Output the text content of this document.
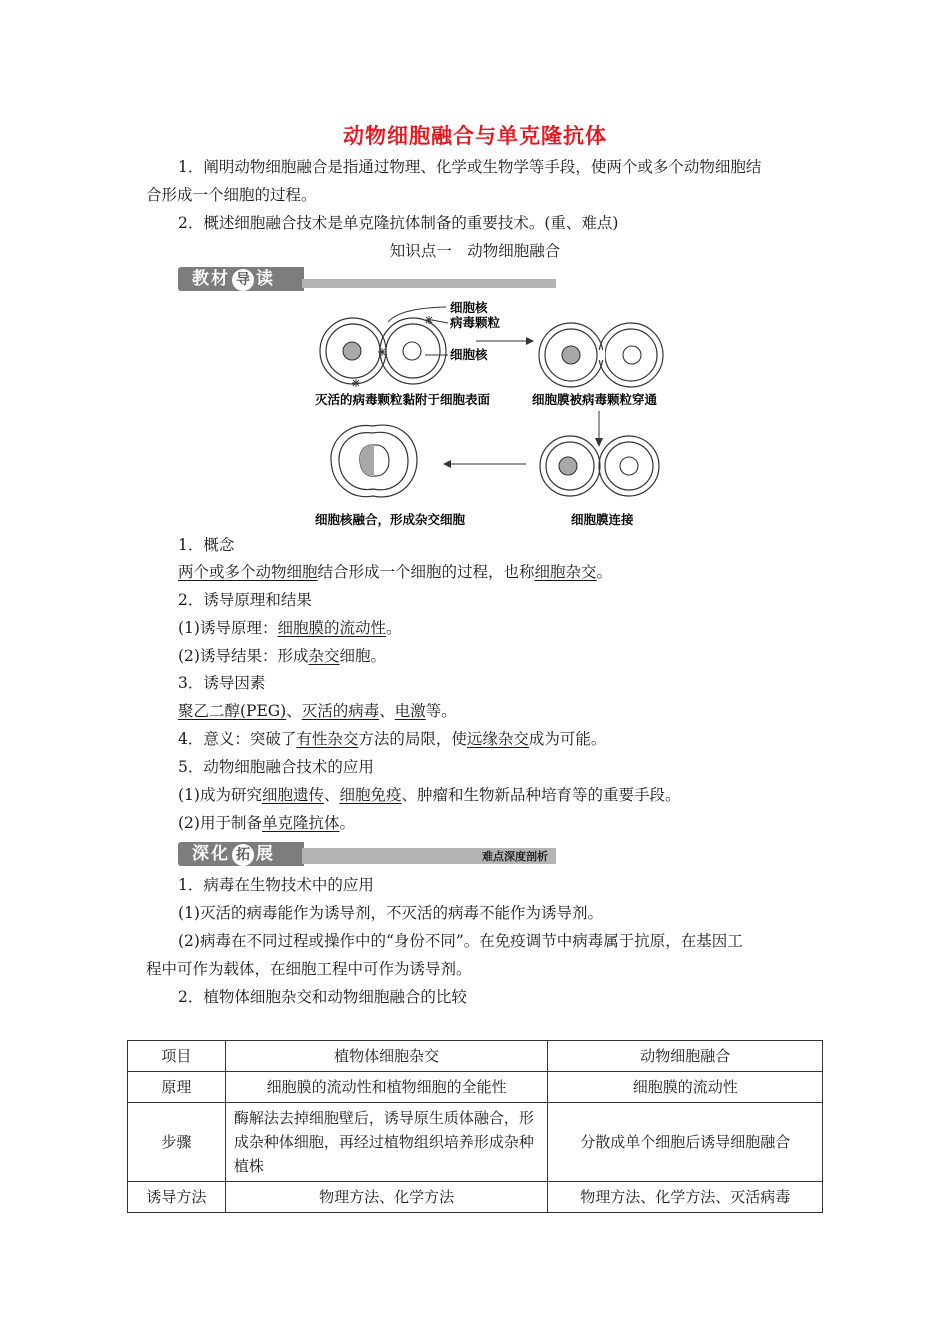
动物细胞融合与单克隆抗体
1．阐明动物细胞融合是指通过物理、化学或生物学等手段，使两个或多个动物细胞结
合形成一个细胞的过程。
2．概述细胞融合技术是单克隆抗体制备的重要技术。(重、难点)
知识点一　动物细胞融合
教材 导 读
细胞核
病毒颗粒
细胞核
灭活的病毒颗粒黏附于细胞表面	细胞膜被病毒颗粒穿通
细胞膜连接
细胞核融合，形成杂交细胞
1．概念
两个或多个动物细胞结合形成一个细胞的过程，也称细胞杂交。
2．诱导原理和结果
(1)诱导原理：细胞膜的流动性。
(2)诱导结果：形成杂交细胞。
3．诱导因素
聚乙二醇(PEG)、灭活的病毒、电激等。
4．意义：突破了有性杂交方法的局限，使远缘杂交成为可能。
5．动物细胞融合技术的应用
(1)成为研究细胞遗传、细胞免疫、肿瘤和生物新品种培育等的重要手段。
(2)用于制备单克隆抗体。
深化 拓 展	难点深度剖析
1．病毒在生物技术中的应用
(1)灭活的病毒能作为诱导剂，不灭活的病毒不能作为诱导剂。
(2)病毒在不同过程或操作中的“身份不同”。在免疫调节中病毒属于抗原，在基因工
程中可作为载体，在细胞工程中可作为诱导剂。
2．植物体细胞杂交和动物细胞融合的比较
项目	植物体细胞杂交	动物细胞融合
原理	细胞膜的流动性和植物细胞的全能性	细胞膜的流动性
步骤	酶解法去掉细胞壁后，诱导原生质体融合，形成杂种体细胞，再经过植物组织培养形成杂种植株	分散成单个细胞后诱导细胞融合
诱导方法	物理方法、化学方法	物理方法、化学方法、灭活病毒
